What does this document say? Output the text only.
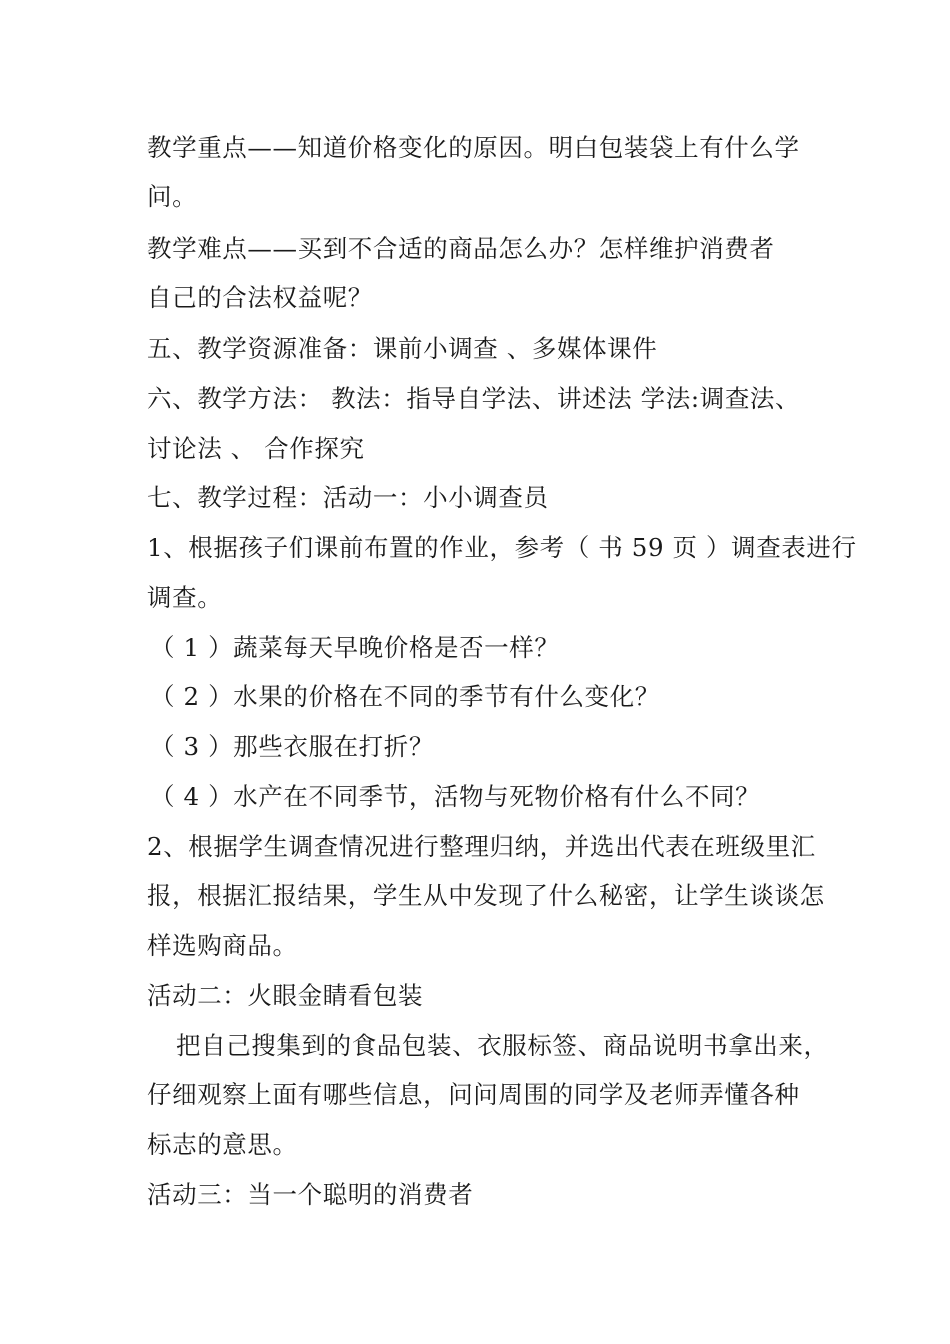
教学重点——知道价格变化的原因。明白包装袋上有什么学
问。
教学难点——买到不合适的商品怎么办？怎样维护消费者
自己的合法权益呢？
五、教学资源准备：课前小调查 、多媒体课件
六、教学方法： 教法：指导自学法、讲述法 学法:调查法、
讨论法 、 合作探究
七、教学过程：活动一：小小调查员
1、根据孩子们课前布置的作业，参考（ 书 59 页 ）调查表进行
调查。
（ 1 ）蔬菜每天早晚价格是否一样？
（ 2 ）水果的价格在不同的季节有什么变化？
（ 3 ）那些衣服在打折？
（ 4 ）水产在不同季节，活物与死物价格有什么不同？
2、根据学生调查情况进行整理归纳，并选出代表在班级里汇
报，根据汇报结果，学生从中发现了什么秘密，让学生谈谈怎
样选购商品。
活动二：火眼金睛看包装
把自己搜集到的食品包装、衣服标签、商品说明书拿出来，
仔细观察上面有哪些信息，问问周围的同学及老师弄懂各种
标志的意思。
活动三：当一个聪明的消费者
